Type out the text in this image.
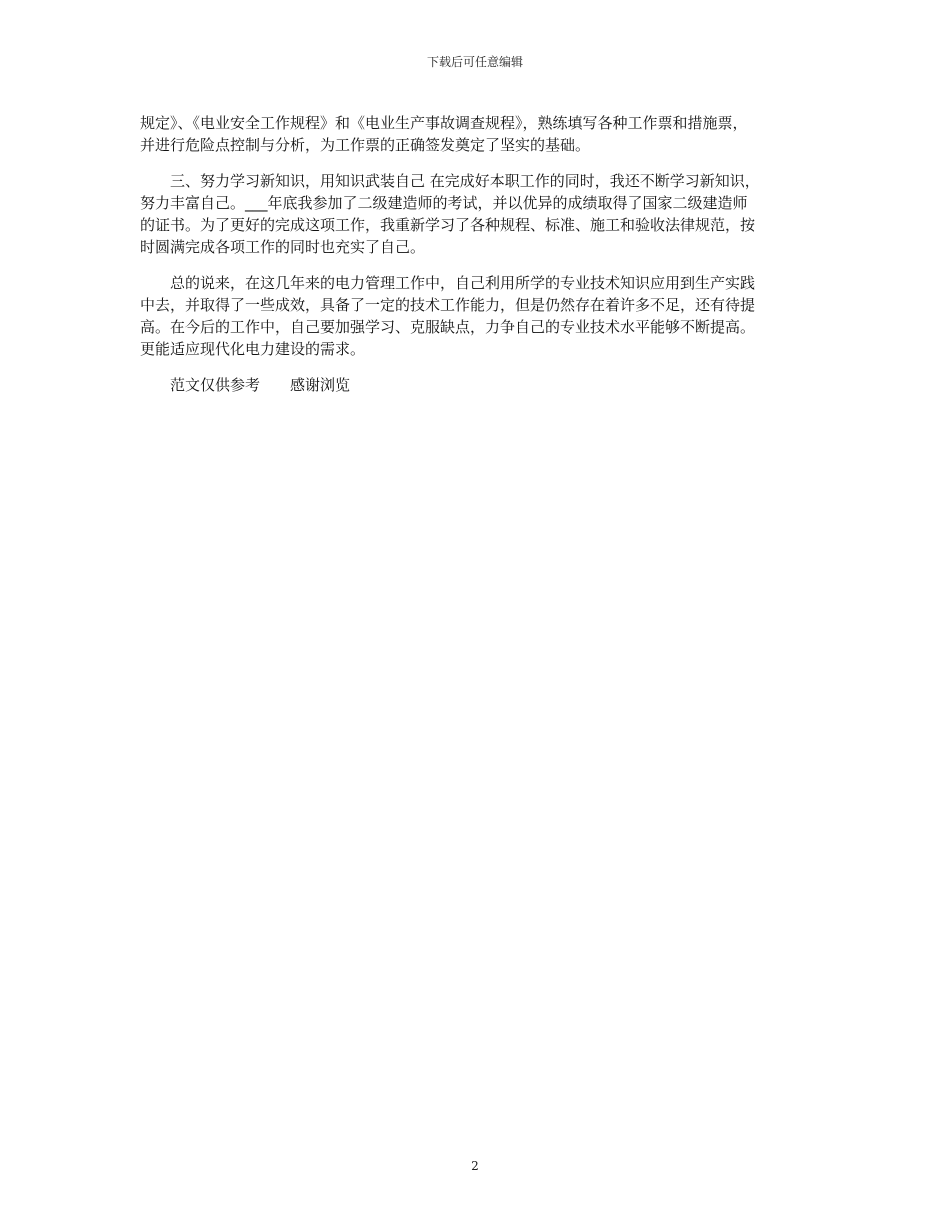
下载后可任意编辑

规定》、《电业安全工作规程》和《电业生产事故调查规程》，熟练填写各种工作票和措施票，
并进行危险点控制与分析，为工作票的正确签发奠定了坚实的基础。

三、努力学习新知识，用知识武装自己 在完成好本职工作的同时，我还不断学习新知识，
努力丰富自己。___年底我参加了二级建造师的考试，并以优异的成绩取得了国家二级建造师
的证书。为了更好的完成这项工作，我重新学习了各种规程、标准、施工和验收法律规范，按
时圆满完成各项工作的同时也充实了自己。

总的说来，在这几年来的电力管理工作中，自己利用所学的专业技术知识应用到生产实践
中去，并取得了一些成效，具备了一定的技术工作能力，但是仍然存在着许多不足，还有待提
高。在今后的工作中，自己要加强学习、克服缺点，力争自己的专业技术水平能够不断提高。
更能适应现代化电力建设的需求。

范文仅供参考 感谢浏览

2
